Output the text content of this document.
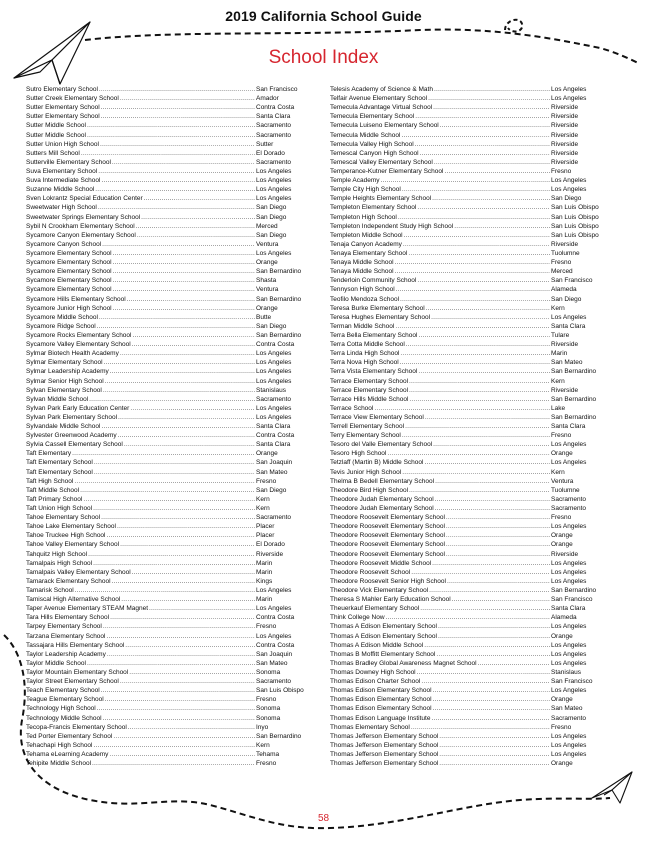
2019 California School Guide
School Index
Sutro Elementary School .....	San Francisco
Sutter Creek Elementary School .....	Amador
Sutter Elementary School .....	Contra Costa
Sutter Elementary School .....	Santa Clara
Sutter Middle School .....	Sacramento
Sutter Middle School .....	Sacramento
Sutter Union High School .....	Sutter
Sutters Mill School .....	El Dorado
Sutterville Elementary School .....	Sacramento
Suva Elementary School .....	Los Angeles
Suva Intermediate School .....	Los Angeles
Suzanne Middle School .....	Los Angeles
Sven Lokrantz Special Education Center .....	Los Angeles
Sweetwater High School .....	San Diego
Sweetwater Springs Elementary School .....	San Diego
Sybil N Crookham Elementary School .....	Merced
Sycamore Canyon Elementary School .....	San Diego
Sycamore Canyon School .....	Ventura
Sycamore Elementary School .....	Los Angeles
Sycamore Elementary School .....	Orange
Sycamore Elementary School .....	San Bernardino
Sycamore Elementary School .....	Shasta
Sycamore Elementary School .....	Ventura
Sycamore Hills Elementary School .....	San Bernardino
Sycamore Junior High School .....	Orange
Sycamore Middle School .....	Butte
Sycamore Ridge School .....	San Diego
Sycamore Rocks Elementary School .....	San Bernardino
Sycamore Valley Elementary School .....	Contra Costa
Sylmar Biotech Health Academy .....	Los Angeles
Sylmar Elementary School .....	Los Angeles
Sylmar Leadership Academy .....	Los Angeles
Sylmar Senior High School .....	Los Angeles
Sylvan Elementary School .....	Stanislaus
Sylvan Middle School .....	Sacramento
Sylvan Park Early Education Center .....	Los Angeles
Sylvan Park Elementary School .....	Los Angeles
Sylvandale Middle School .....	Santa Clara
Sylvester Greenwood Academy .....	Contra Costa
Sylvia Cassell Elementary School .....	Santa Clara
Taft Elementary .....	Orange
Taft Elementary School .....	San Joaquin
Taft Elementary School .....	San Mateo
Taft High School .....	Fresno
Taft Middle School .....	San Diego
Taft Primary School .....	Kern
Taft Union High School .....	Kern
Tahoe Elementary School .....	Sacramento
Tahoe Lake Elementary School .....	Placer
Tahoe Truckee High School .....	Placer
Tahoe Valley Elementary School .....	El Dorado
Tahquitz High School .....	Riverside
Tamalpais High School .....	Marin
Tamalpais Valley Elementary School .....	Marin
Tamarack Elementary School .....	Kings
Tamarisk School .....	Los Angeles
Tamiscal High Alternative School .....	Marin
Taper Avenue Elementary STEAM Magnet .....	Los Angeles
Tara Hills Elementary School .....	Contra Costa
Tarpey Elementary School .....	Fresno
Tarzana Elementary School .....	Los Angeles
Tassajara Hills Elementary School .....	Contra Costa
Taylor Leadership Academy .....	San Joaquin
Taylor Middle School .....	San Mateo
Taylor Mountain Elementary School .....	Sonoma
Taylor Street Elementary School .....	Sacramento
Teach Elementary School .....	San Luis Obispo
Teague Elementary School .....	Fresno
Technology High School .....	Sonoma
Technology Middle School .....	Sonoma
Tecopa-Francis Elementary School .....	Inyo
Ted Porter Elementary School .....	San Bernardino
Tehachapi High School .....	Kern
Tehama eLearning Academy .....	Tehama
Tehipite Middle School .....	Fresno
Telesis Academy of Science & Math .....	Los Angeles
Telfair Avenue Elementary School .....	Los Angeles
Temecula Advantage Virtual School .....	Riverside
Temecula Elementary School .....	Riverside
Temecula Luiseno Elementary School .....	Riverside
Temecula Middle School .....	Riverside
Temecula Valley High School .....	Riverside
Temescal Canyon High School .....	Riverside
Temescal Valley Elementary School .....	Riverside
Temperance-Kutner Elementary School .....	Fresno
Temple Academy .....	Los Angeles
Temple City High School .....	Los Angeles
Temple Heights Elementary School .....	San Diego
Templeton Elementary School .....	San Luis Obispo
Templeton High School .....	San Luis Obispo
Templeton Independent Study High School .....	San Luis Obispo
Templeton Middle School .....	San Luis Obispo
Tenaja Canyon Academy .....	Riverside
Tenaya Elementary School .....	Tuolumne
Tenaya Middle School .....	Fresno
Tenaya Middle School .....	Merced
Tenderloin Community School .....	San Francisco
Tennyson High School .....	Alameda
Teofilo Mendoza School .....	San Diego
Teresa Burke Elementary School .....	Kern
Teresa Hughes Elementary School .....	Los Angeles
Terman Middle School .....	Santa Clara
Terra Bella Elementary School .....	Tulare
Terra Cotta Middle School .....	Riverside
Terra Linda High School .....	Marin
Terra Nova High School .....	San Mateo
Terra Vista Elementary School .....	San Bernardino
Terrace Elementary School .....	Kern
Terrace Elementary School .....	Riverside
Terrace Hills Middle School .....	San Bernardino
Terrace School .....	Lake
Terrace View Elementary School .....	San Bernardino
Terrell Elementary School .....	Santa Clara
Terry Elementary School .....	Fresno
Tesoro del Valle Elementary School .....	Los Angeles
Tesoro High School .....	Orange
Tetzlaff (Martin B) Middle School .....	Los Angeles
Tevis Junior High School .....	Kern
Thelma B Bedell Elementary School .....	Ventura
Theodore Bird High School .....	Tuolumne
Theodore Judah Elementary School .....	Sacramento
Theodore Judah Elementary School .....	Sacramento
Theodore Roosevelt Elementary School .....	Fresno
Theodore Roosevelt Elementary School .....	Los Angeles
Theodore Roosevelt Elementary School .....	Orange
Theodore Roosevelt Elementary School .....	Orange
Theodore Roosevelt Elementary School .....	Riverside
Theodore Roosevelt Middle School .....	Los Angeles
Theodore Roosevelt School .....	Los Angeles
Theodore Roosevelt Senior High School .....	Los Angeles
Theodore Vick Elementary School .....	San Bernardino
Theresa S Mahler Early Education School .....	San Francisco
Theuerkauf Elementary School .....	Santa Clara
Think College Now .....	Alameda
Thomas A Edison Elementary School .....	Los Angeles
Thomas A Edison Elementary School .....	Orange
Thomas A Edison Middle School .....	Los Angeles
Thomas B Moffitt Elementary School .....	Los Angeles
Thomas Bradley Global Awareness Magnet School .....	Los Angeles
Thomas Downey High School .....	Stanislaus
Thomas Edison Charter School .....	San Francisco
Thomas Edison Elementary School .....	Los Angeles
Thomas Edison Elementary School .....	Orange
Thomas Edison Elementary School .....	San Mateo
Thomas Edison Language Institute .....	Sacramento
Thomas Elementary School .....	Fresno
Thomas Jefferson Elementary School .....	Los Angeles
Thomas Jefferson Elementary School .....	Los Angeles
Thomas Jefferson Elementary School .....	Los Angeles
Thomas Jefferson Elementary School .....	Orange
58
